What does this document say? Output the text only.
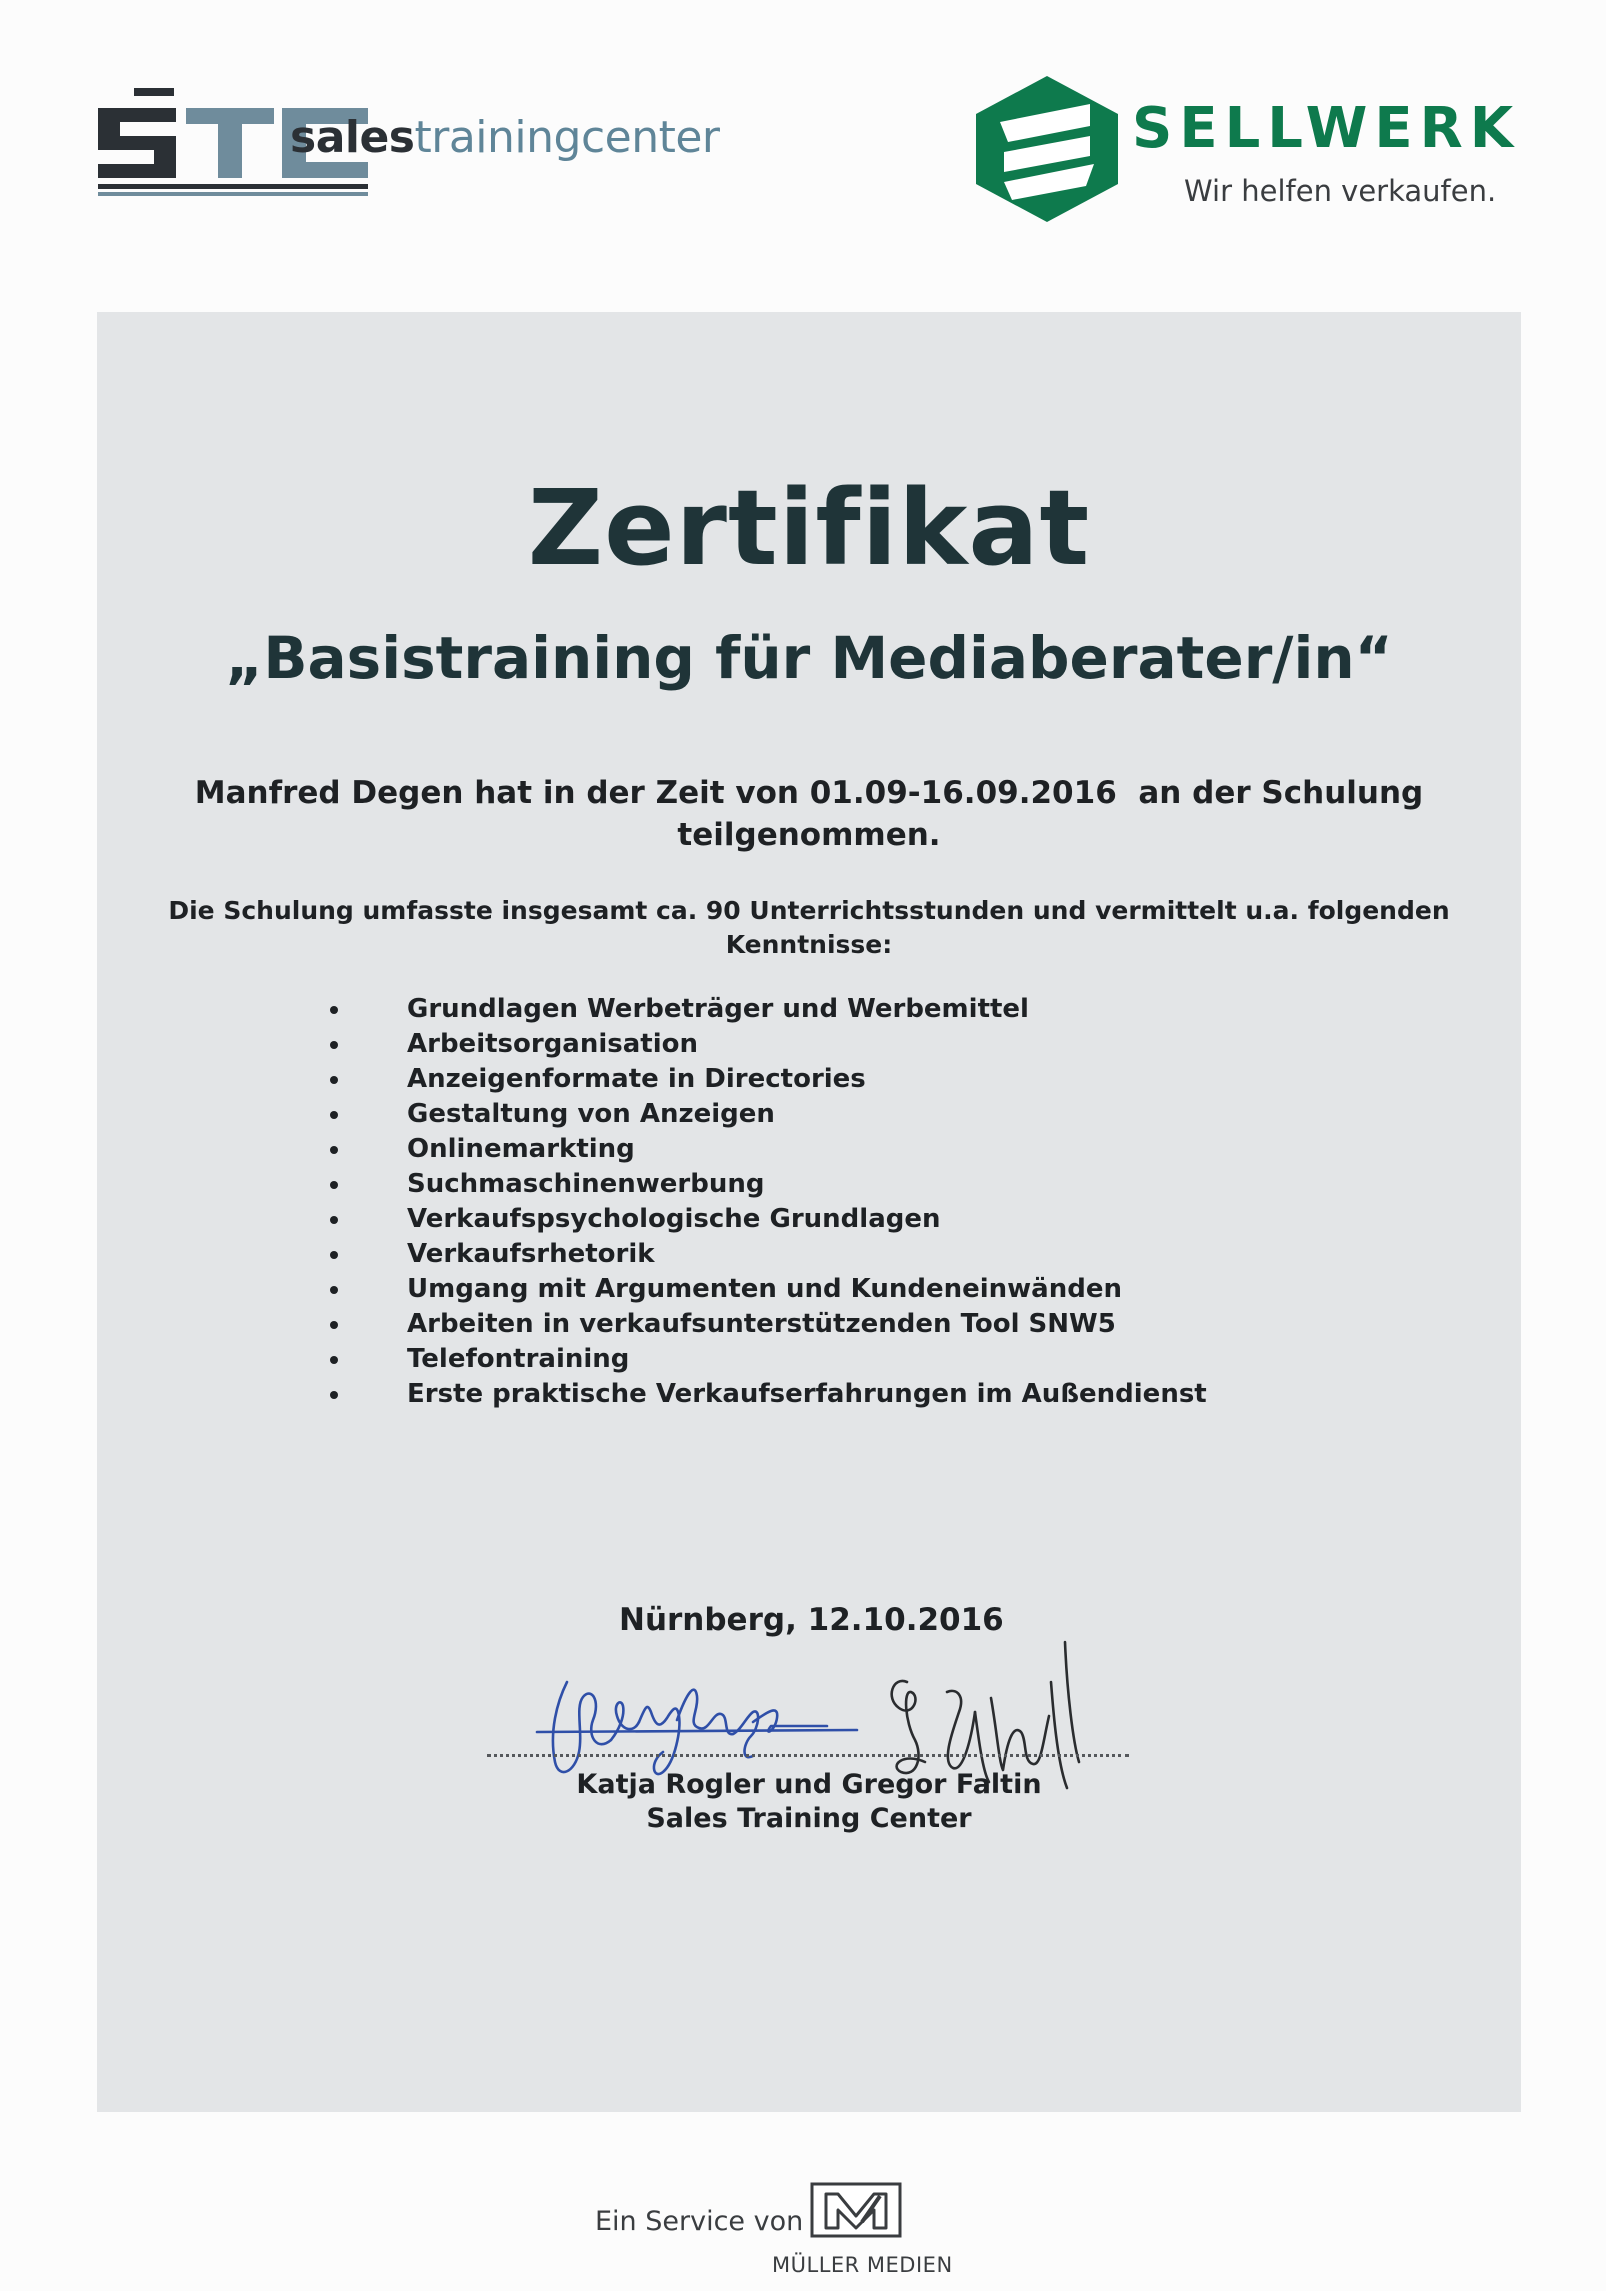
salestrainingcenter	SELLWERK
Wir helfen verkaufen.
Zertifikat
„Basistraining für Mediaberater/in“
Manfred Degen hat in der Zeit von 01.09-16.09.2016  an der Schulung
teilgenommen.
Die Schulung umfasste insgesamt ca. 90 Unterrichtsstunden und vermittelt u.a. folgenden
Kenntnisse:
Grundlagen Werbeträger und Werbemittel
Arbeitsorganisation
Anzeigenformate in Directories
Gestaltung von Anzeigen
Onlinemarkting
Suchmaschinenwerbung
Verkaufspsychologische Grundlagen
Verkaufsrhetorik
Umgang mit Argumenten und Kundeneinwänden
Arbeiten in verkaufsunterstützenden Tool SNW5
Telefontraining
Erste praktische Verkaufserfahrungen im Außendienst
Nürnberg, 12.10.2016
Katja Rogler und Gregor Faltin
Sales Training Center
Ein Service von
MÜLLER MEDIEN
